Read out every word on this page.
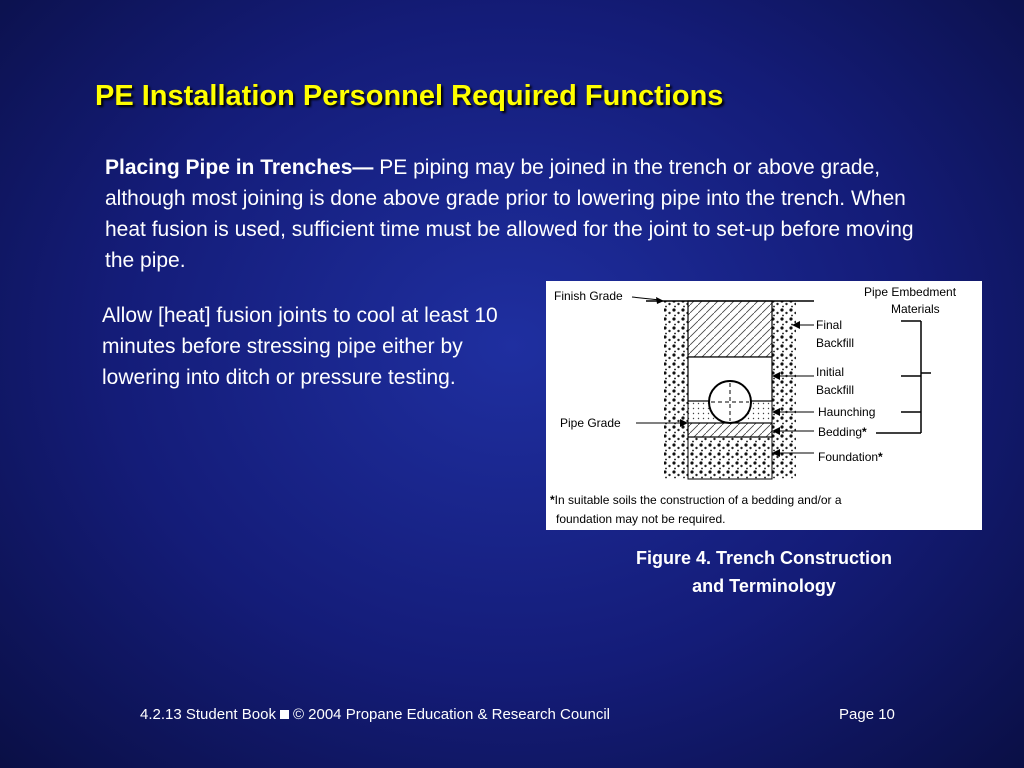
PE Installation Personnel Required Functions
Placing Pipe in Trenches— PE piping may be joined in the trench or above grade, although most joining is done above grade prior to lowering pipe into the trench. When heat fusion is used, sufficient time must be allowed for the joint to set-up before moving the pipe.
Allow [heat] fusion joints to cool at least 10 minutes before stressing pipe either by lowering into ditch or pressure testing.
Finish Grade
Pipe Grade
Pipe Embedment
Materials
Final
Backfill
Initial
Backfill
Haunching
Bedding*
Foundation*
*In suitable soils the construction of a bedding and/or a
foundation may not be required.
Figure 4. Trench Construction
and Terminology
4.2.13 Student Book © 2004 Propane Education & Research Council	Page 10
